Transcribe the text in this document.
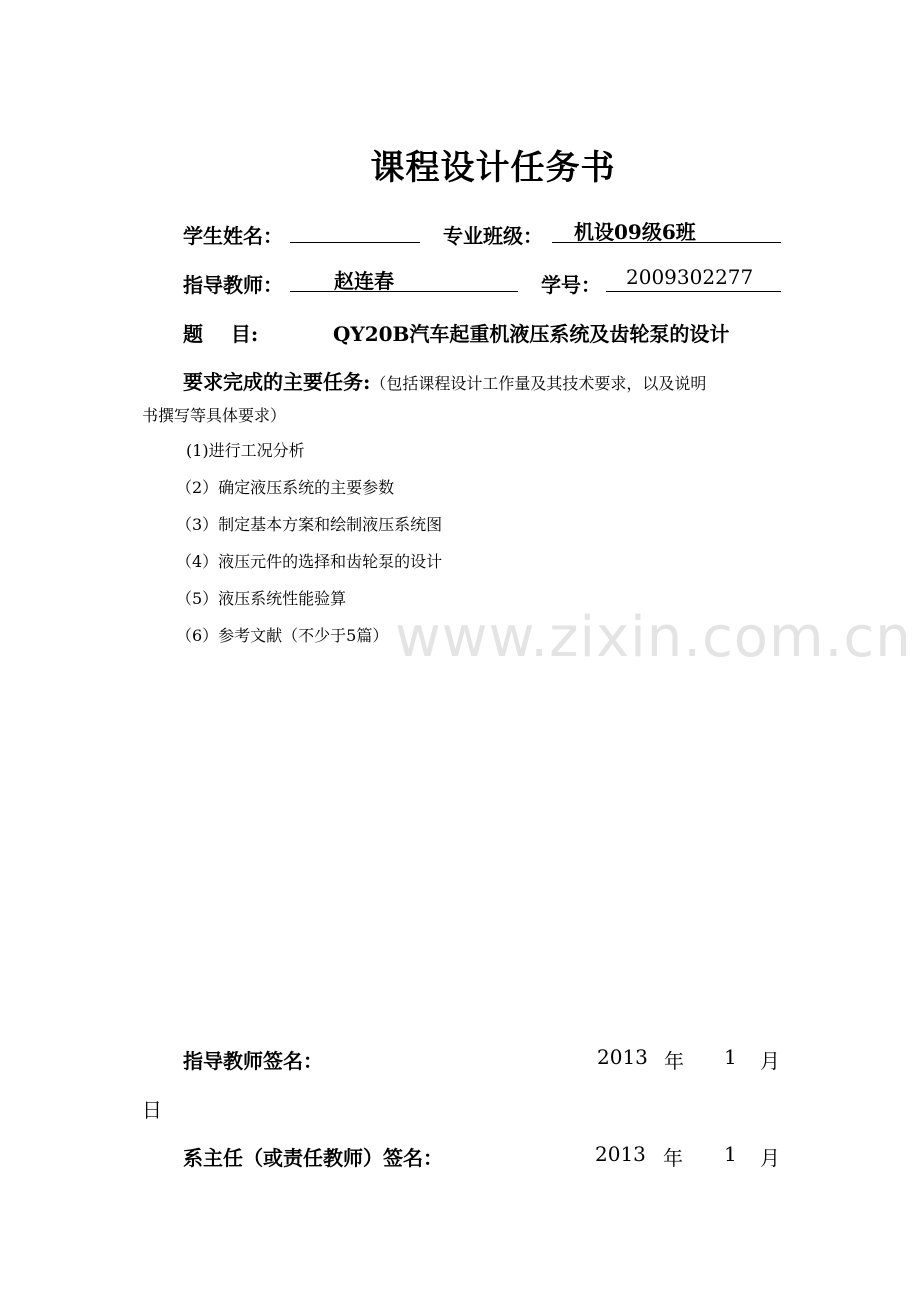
课程设计任务书
学生姓名：	专业班级：	机设09级6班
指导教师：	赵连春	学号：	2009302277
题    目:	QY20B汽车起重机液压系统及齿轮泵的设计
要求完成的主要任务:（包括课程设计工作量及其技术要求，以及说明
书撰写等具体要求）
(1)进行工况分析
（2）确定液压系统的主要参数
（3）制定基本方案和绘制液压系统图
（4）液压元件的选择和齿轮泵的设计
（5）液压系统性能验算
（6）参考文献（不少于5篇） www.zixin.com.cn
指导教师签名：	2013 年 1 月
日
系主任（或责任教师）签名：	2013 年 1 月
